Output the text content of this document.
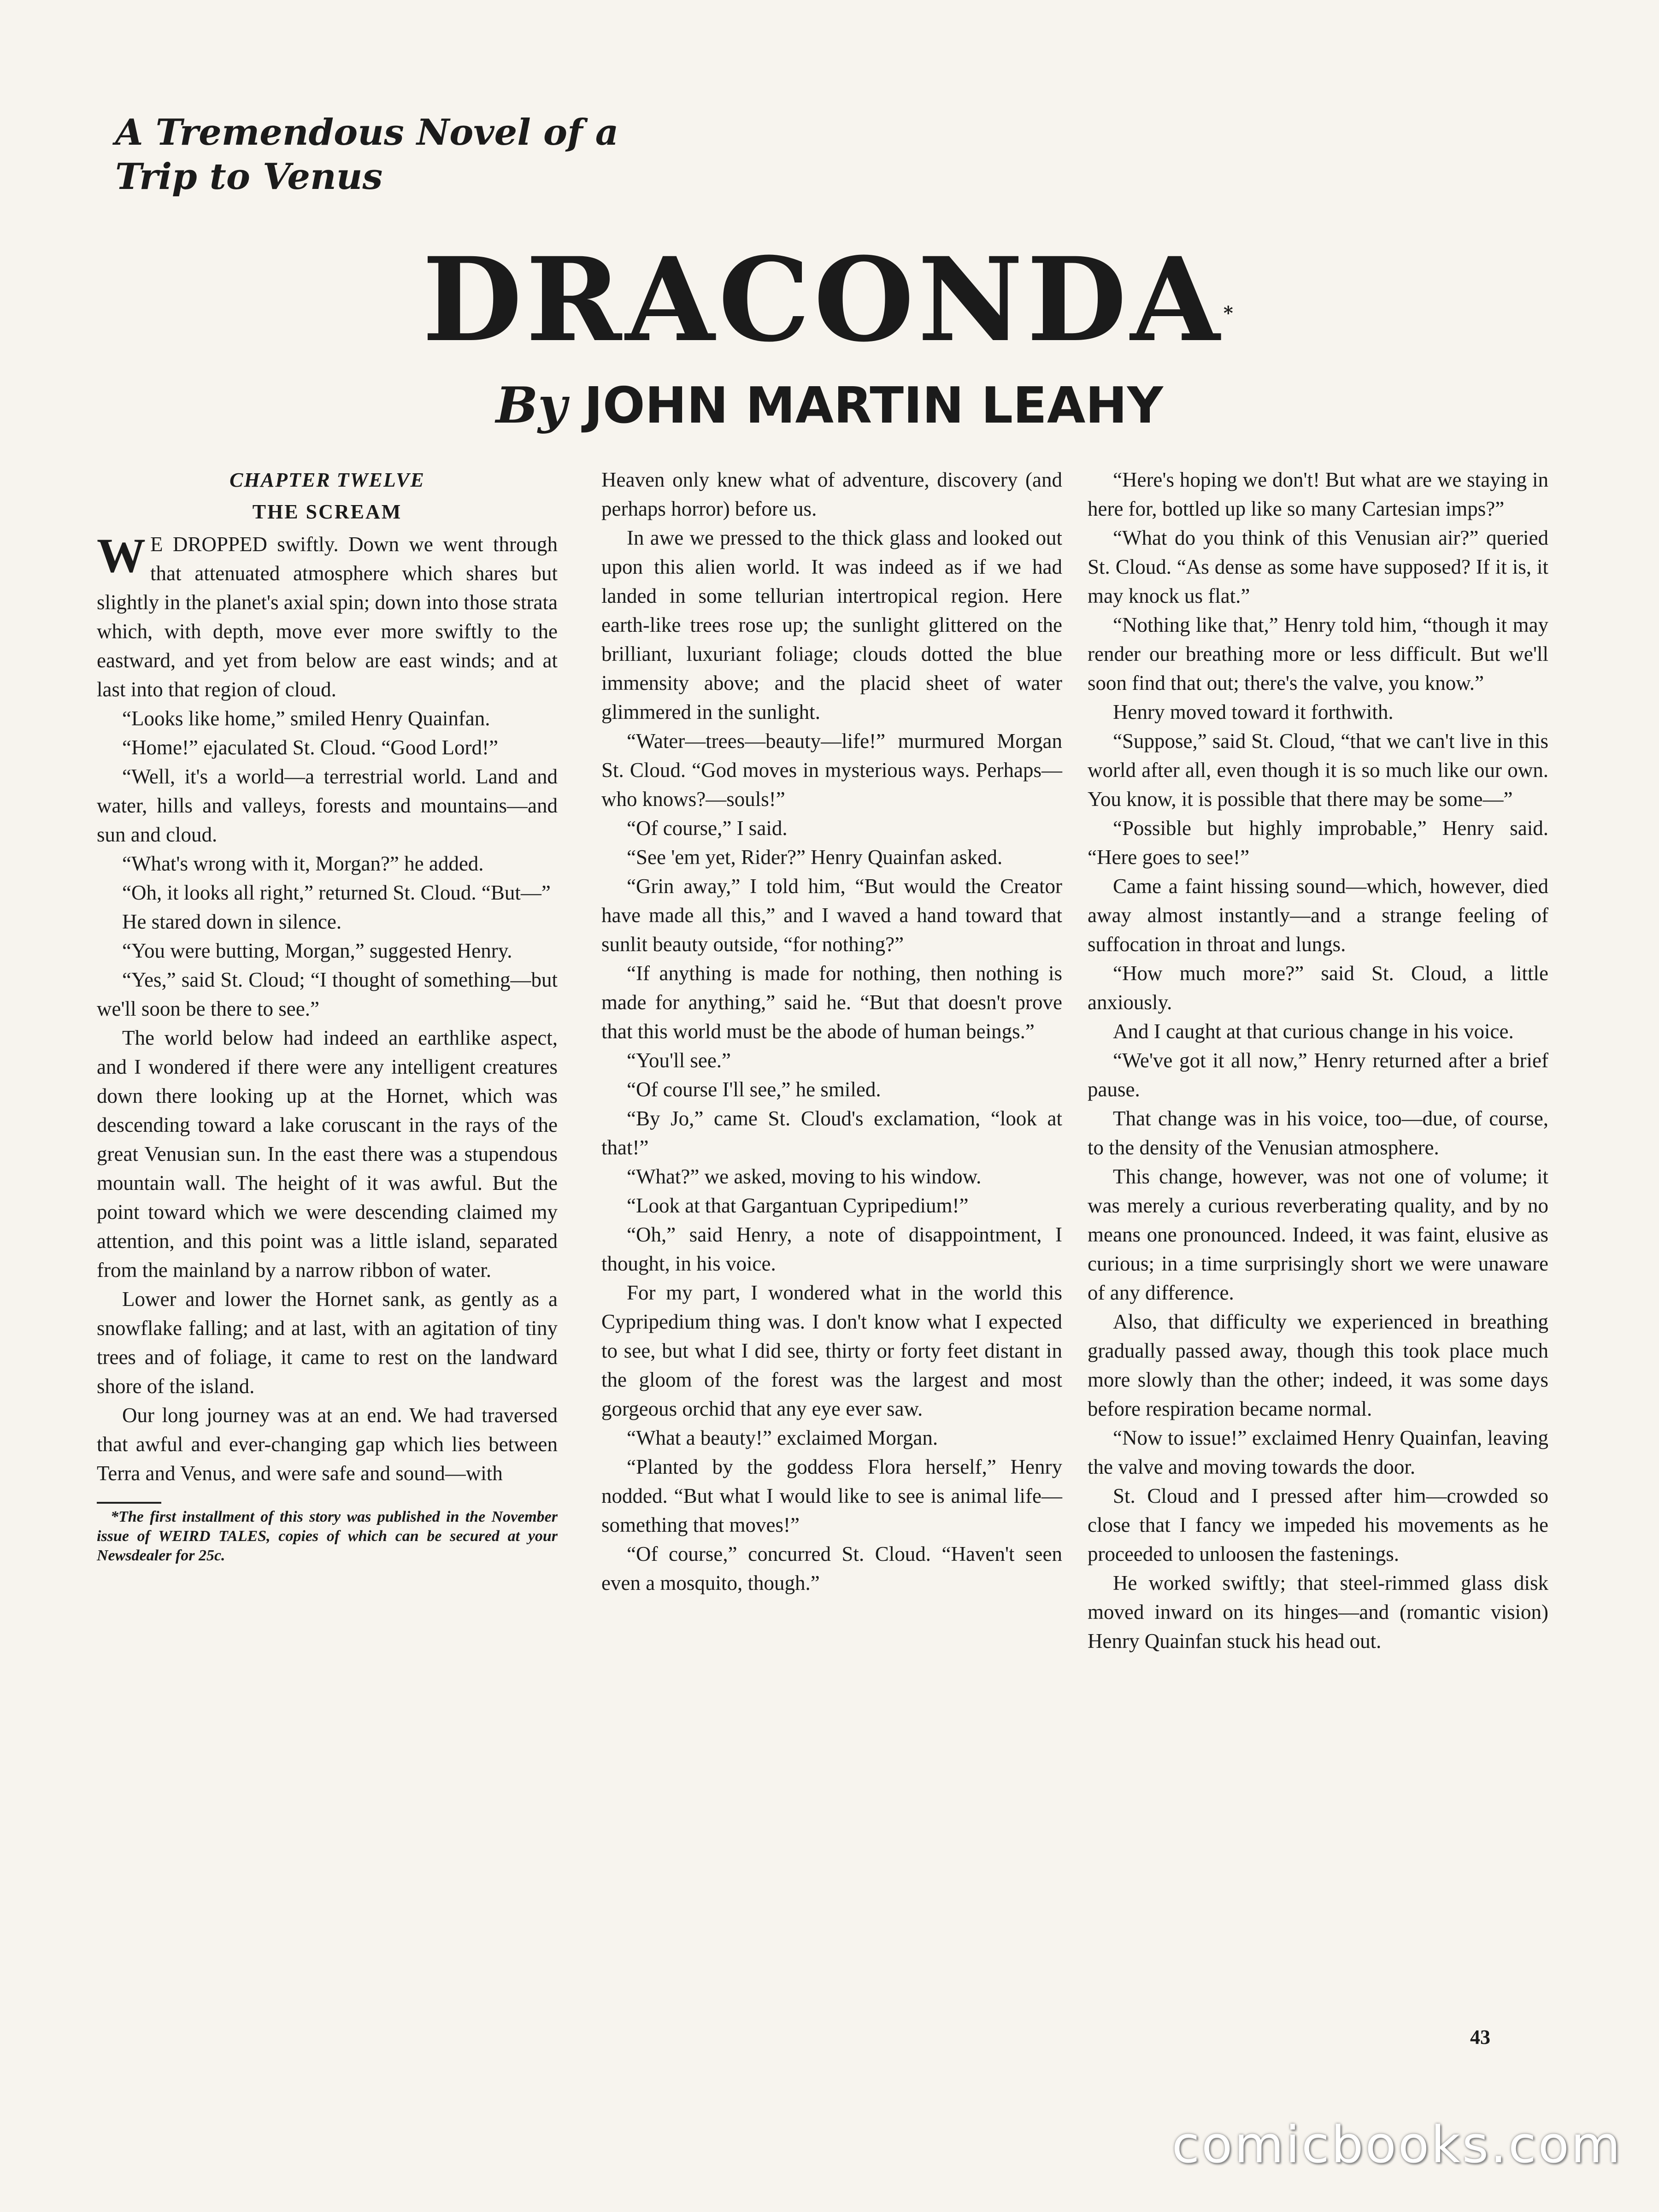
A Tremendous Novel of a
Trip to Venus
DRACONDA*
By JOHN MARTIN LEAHY
CHAPTER TWELVE
THE SCREAM

W E DROPPED swiftly. Down we went through that attenuated atmosphere which shares but slightly in the planet's axial spin; down into those strata which, with depth, move ever more swiftly to the eastward, and yet from below are east winds; and at last into that region of cloud.

“Looks like home,” smiled Henry Quainfan.

“Home!” ejaculated St. Cloud. “Good Lord!”

“Well, it's a world—a terrestrial world. Land and water, hills and valleys, forests and mountains—and sun and cloud.

“What's wrong with it, Morgan?” he added.

“Oh, it looks all right,” returned St. Cloud. “But—”

He stared down in silence.

“You were butting, Morgan,” suggested Henry.

“Yes,” said St. Cloud; “I thought of something—but we'll soon be there to see.”

The world below had indeed an earthlike aspect, and I wondered if there were any intelligent creatures down there looking up at the Hornet, which was descending toward a lake coruscant in the rays of the great Venusian sun. In the east there was a stupendous mountain wall. The height of it was awful. But the point toward which we were descending claimed my attention, and this point was a little island, separated from the mainland by a narrow ribbon of water.

Lower and lower the Hornet sank, as gently as a snowflake falling; and at last, with an agitation of tiny trees and of foliage, it came to rest on the landward shore of the island.

Our long journey was at an end. We had traversed that awful and ever-changing gap which lies between Terra and Venus, and were safe and sound—with

*The first installment of this story was published in the November issue of WEIRD TALES, copies of which can be secured at your Newsdealer for 25c.

Heaven only knew what of adventure, discovery (and perhaps horror) before us.

In awe we pressed to the thick glass and looked out upon this alien world. It was indeed as if we had landed in some tellurian intertropical region. Here earth-like trees rose up; the sunlight glittered on the brilliant, luxuriant foliage; clouds dotted the blue immensity above; and the placid sheet of water glimmered in the sunlight.

“Water—trees—beauty—life!” murmured Morgan St. Cloud. “God moves in mysterious ways. Perhaps—who knows?—souls!”

“Of course,” I said.

“See 'em yet, Rider?” Henry Quainfan asked.

“Grin away,” I told him, “But would the Creator have made all this,” and I waved a hand toward that sunlit beauty outside, “for nothing?”

“If anything is made for nothing, then nothing is made for anything,” said he. “But that doesn't prove that this world must be the abode of human beings.”

“You'll see.”

“Of course I'll see,” he smiled.

“By Jo,” came St. Cloud's exclamation, “look at that!”

“What?” we asked, moving to his window.

“Look at that Gargantuan Cypripedium!”

“Oh,” said Henry, a note of disappointment, I thought, in his voice.

For my part, I wondered what in the world this Cypripedium thing was. I don't know what I expected to see, but what I did see, thirty or forty feet distant in the gloom of the forest was the largest and most gorgeous orchid that any eye ever saw.

“What a beauty!” exclaimed Morgan.

“Planted by the goddess Flora herself,” Henry nodded. “But what I would like to see is animal life—something that moves!”

“Of course,” concurred St. Cloud. “Haven't seen even a mosquito, though.”

“Here's hoping we don't! But what are we staying in here for, bottled up like so many Cartesian imps?”

“What do you think of this Venusian air?” queried St. Cloud. “As dense as some have supposed? If it is, it may knock us flat.”

“Nothing like that,” Henry told him, “though it may render our breathing more or less difficult. But we'll soon find that out; there's the valve, you know.”

Henry moved toward it forthwith.

“Suppose,” said St. Cloud, “that we can't live in this world after all, even though it is so much like our own. You know, it is possible that there may be some—”

“Possible but highly improbable,” Henry said. “Here goes to see!”

Came a faint hissing sound—which, however, died away almost instantly—and a strange feeling of suffocation in throat and lungs.

“How much more?” said St. Cloud, a little anxiously.

And I caught at that curious change in his voice.

“We've got it all now,” Henry returned after a brief pause.

That change was in his voice, too—due, of course, to the density of the Venusian atmosphere.

This change, however, was not one of volume; it was merely a curious reverberating quality, and by no means one pronounced. Indeed, it was faint, elusive as curious; in a time surprisingly short we were unaware of any difference.

Also, that difficulty we experienced in breathing gradually passed away, though this took place much more slowly than the other; indeed, it was some days before respiration became normal.

“Now to issue!” exclaimed Henry Quainfan, leaving the valve and moving towards the door.

St. Cloud and I pressed after him—crowded so close that I fancy we impeded his movements as he proceeded to unloosen the fastenings.

He worked swiftly; that steel-rimmed glass disk moved inward on its hinges—and (romantic vision) Henry Quainfan stuck his head out.

43
comicbooks.com
